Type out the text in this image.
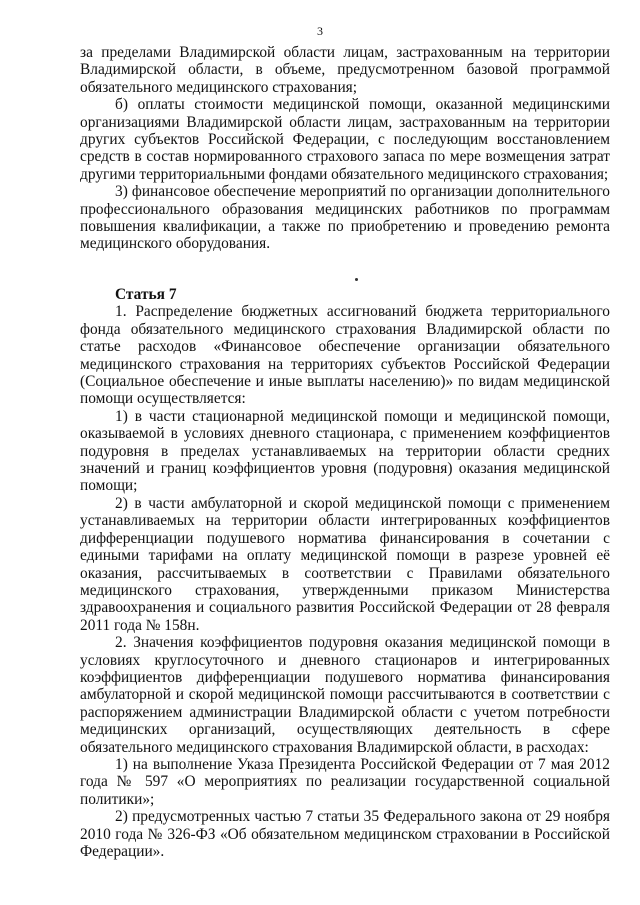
3

за пределами Владимирской области лицам, застрахованным на территории Владимирской области, в объеме, предусмотренном базовой программой обязательного медицинского страхования;

б) оплаты стоимости медицинской помощи, оказанной медицинскими организациями Владимирской области лицам, застрахованным на территории других субъектов Российской Федерации, с последующим восстановлением средств в состав нормированного страхового запаса по мере возмещения затрат другими территориальными фондами обязательного медицинского страхования;

3) финансовое обеспечение мероприятий по организации дополнительного профессионального образования медицинских работников по программам повышения квалификации, а также по приобретению и проведению ремонта медицинского оборудования.

Статья 7

1. Распределение бюджетных ассигнований бюджета территориального фонда обязательного медицинского страхования Владимирской области по статье расходов «Финансовое обеспечение организации обязательного медицинского страхования на территориях субъектов Российской Федерации (Социальное обеспечение и иные выплаты населению)» по видам медицинской помощи осуществляется:

1) в части стационарной медицинской помощи и медицинской помощи, оказываемой в условиях дневного стационара, с применением коэффициентов подуровня в пределах устанавливаемых на территории области средних значений и границ коэффициентов уровня (подуровня) оказания медицинской помощи;

2) в части амбулаторной и скорой медицинской помощи с применением устанавливаемых на территории области интегрированных коэффициентов дифференциации подушевого норматива финансирования в сочетании с едиными тарифами на оплату медицинской помощи в разрезе уровней её оказания, рассчитываемых в соответствии с Правилами обязательного медицинского страхования, утвержденными приказом Министерства здравоохранения и социального развития Российской Федерации от 28 февраля 2011 года № 158н.

2. Значения коэффициентов подуровня оказания медицинской помощи в условиях круглосуточного и дневного стационаров и интегрированных коэффициентов дифференциации подушевого норматива финансирования амбулаторной и скорой медицинской помощи рассчитываются в соответствии с распоряжением администрации Владимирской области с учетом потребности медицинских организаций, осуществляющих деятельность в сфере обязательного медицинского страхования Владимирской области, в расходах:

1) на выполнение Указа Президента Российской Федерации от 7 мая 2012 года № 597 «О мероприятиях по реализации государственной социальной политики»;

2) предусмотренных частью 7 статьи 35 Федерального закона от 29 ноября 2010 года № 326-ФЗ «Об обязательном медицинском страховании в Российской Федерации».
